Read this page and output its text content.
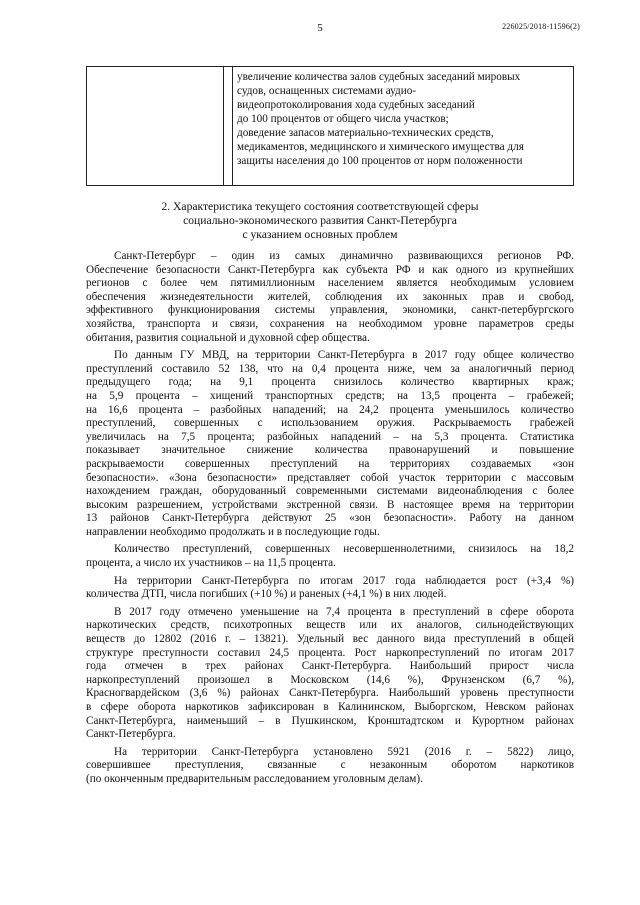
5	226025/2018-11596(2)
увеличение количества залов судебных заседаний мировых
судов, оснащенных системами аудио-
видеопротоколирования хода судебных заседаний
до 100 процентов от общего числа участков;
доведение запасов материально-технических средств,
медикаментов, медицинского и химического имущества для
защиты населения до 100 процентов от норм положенности
2. Характеристика текущего состояния соответствующей сферы
социально-экономического развития Санкт-Петербурга
с указанием основных проблем
Санкт-Петербург – один из самых динамично развивающихся регионов РФ.
Обеспечение безопасности Санкт-Петербурга как субъекта РФ и как одного из крупнейших
регионов с более чем пятимиллионным населением является необходимым условием
обеспечения жизнедеятельности жителей, соблюдения их законных прав и свобод,
эффективного функционирования системы управления, экономики, санкт-петербургского
хозяйства, транспорта и связи, сохранения на необходимом уровне параметров среды
обитания, развития социальной и духовной сфер общества.
По данным ГУ МВД, на территории Санкт-Петербурга в 2017 году общее количество
преступлений составило 52 138, что на 0,4 процента ниже, чем за аналогичный период
предыдущего года; на 9,1 процента снизилось количество квартирных краж;
на 5,9 процента – хищений транспортных средств; на 13,5 процента – грабежей;
на 16,6 процента – разбойных нападений; на 24,2 процента уменьшилось количество
преступлений, совершенных с использованием оружия. Раскрываемость грабежей
увеличилась на 7,5 процента; разбойных нападений – на 5,3 процента. Статистика
показывает значительное снижение количества правонарушений и повышение
раскрываемости совершенных преступлений на территориях создаваемых «зон
безопасности». «Зона безопасности» представляет собой участок территории с массовым
нахождением граждан, оборудованный современными системами видеонаблюдения с более
высоким разрешением, устройствами экстренной связи. В настоящее время на территории
13 районов Санкт-Петербурга действуют 25 «зон безопасности». Работу на данном
направлении необходимо продолжать и в последующие годы.
Количество преступлений, совершенных несовершеннолетними, снизилось на 18,2
процента, а число их участников – на 11,5 процента.
На территории Санкт-Петербурга по итогам 2017 года наблюдается рост (+3,4 %)
количества ДТП, числа погибших (+10 %) и раненых (+4,1 %) в них людей.
В 2017 году отмечено уменьшение на 7,4 процента в преступлений в сфере оборота
наркотических средств, психотропных веществ или их аналогов, сильнодействующих
веществ до 12802 (2016 г. – 13821). Удельный вес данного вида преступлений в общей
структуре преступности составил 24,5 процента. Рост наркопреступлений по итогам 2017
года отмечен в трех районах Санкт-Петербурга. Наибольший прирост числа
наркопреступлений произошел в Московском (14,6 %), Фрунзенском (6,7 %),
Красногвардейском (3,6 %) районах Санкт-Петербурга. Наибольший уровень преступности
в сфере оборота наркотиков зафиксирован в Калининском, Выборгском, Невском районах
Санкт-Петербурга, наименьший – в Пушкинском, Кронштадтском и Курортном районах
Санкт-Петербурга.
На территории Санкт-Петербурга установлено 5921 (2016 г. – 5822) лицо,
совершившее преступления, связанные с незаконным оборотом наркотиков
(по оконченным предварительным расследованием уголовным делам).
